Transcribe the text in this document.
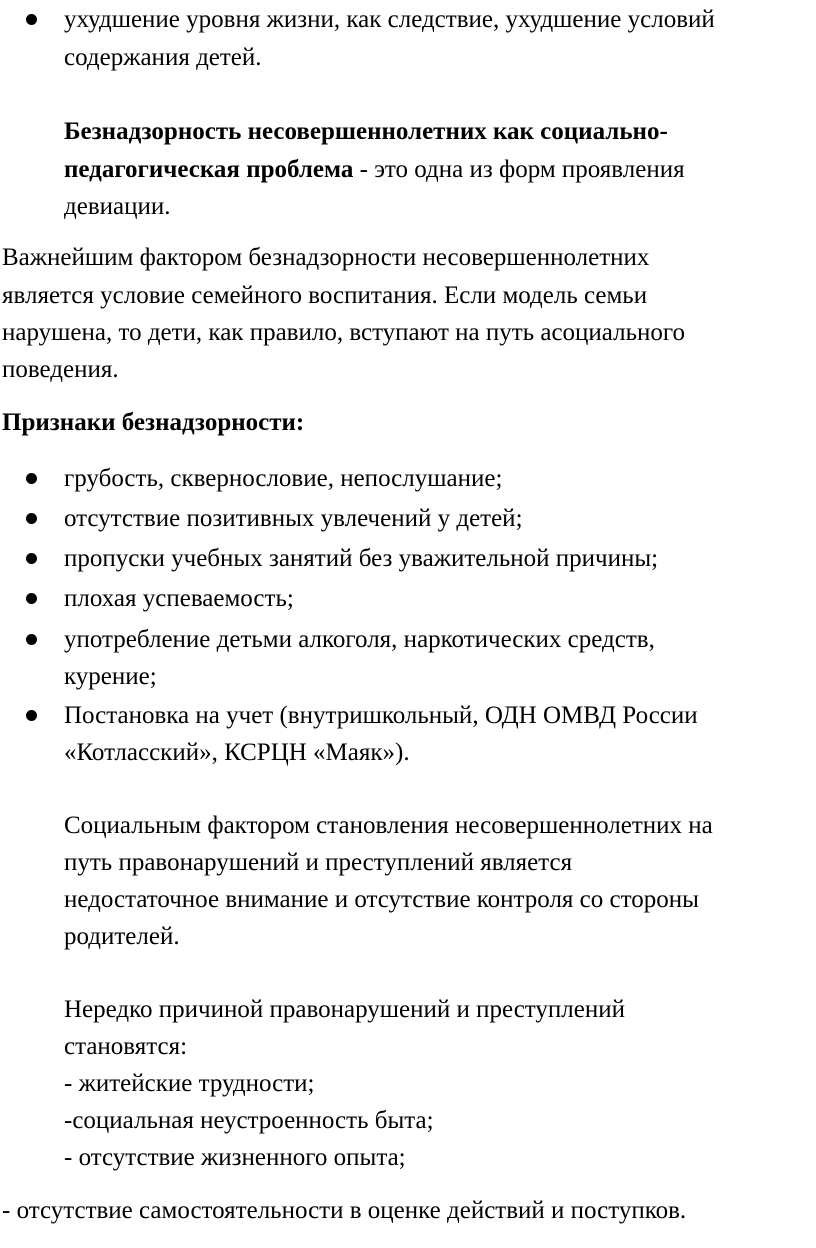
ухудшение уровня жизни, как следствие, ухудшение условий
содержания детей.
Безнадзорность несовершеннолетних как социально-
педагогическая проблема - это одна из форм проявления
девиации.
Важнейшим фактором безнадзорности несовершеннолетних
является условие семейного воспитания. Если модель семьи
нарушена, то дети, как правило, вступают на путь асоциального
поведения.
Признаки безнадзорности:
грубость, сквернословие, непослушание;
отсутствие позитивных увлечений у детей;
пропуски учебных занятий без уважительной причины;
плохая успеваемость;
употребление детьми алкоголя, наркотических средств,
курение;
Постановка на учет (внутришкольный, ОДН ОМВД России
«Котласский», КСРЦН «Маяк»).
Социальным фактором становления несовершеннолетних на
путь правонарушений и преступлений является
недостаточное внимание и отсутствие контроля со стороны
родителей.
Нередко причиной правонарушений и преступлений
становятся:
- житейские трудности;
-социальная неустроенность быта;
- отсутствие жизненного опыта;
- отсутствие самостоятельности в оценке действий и поступков.
